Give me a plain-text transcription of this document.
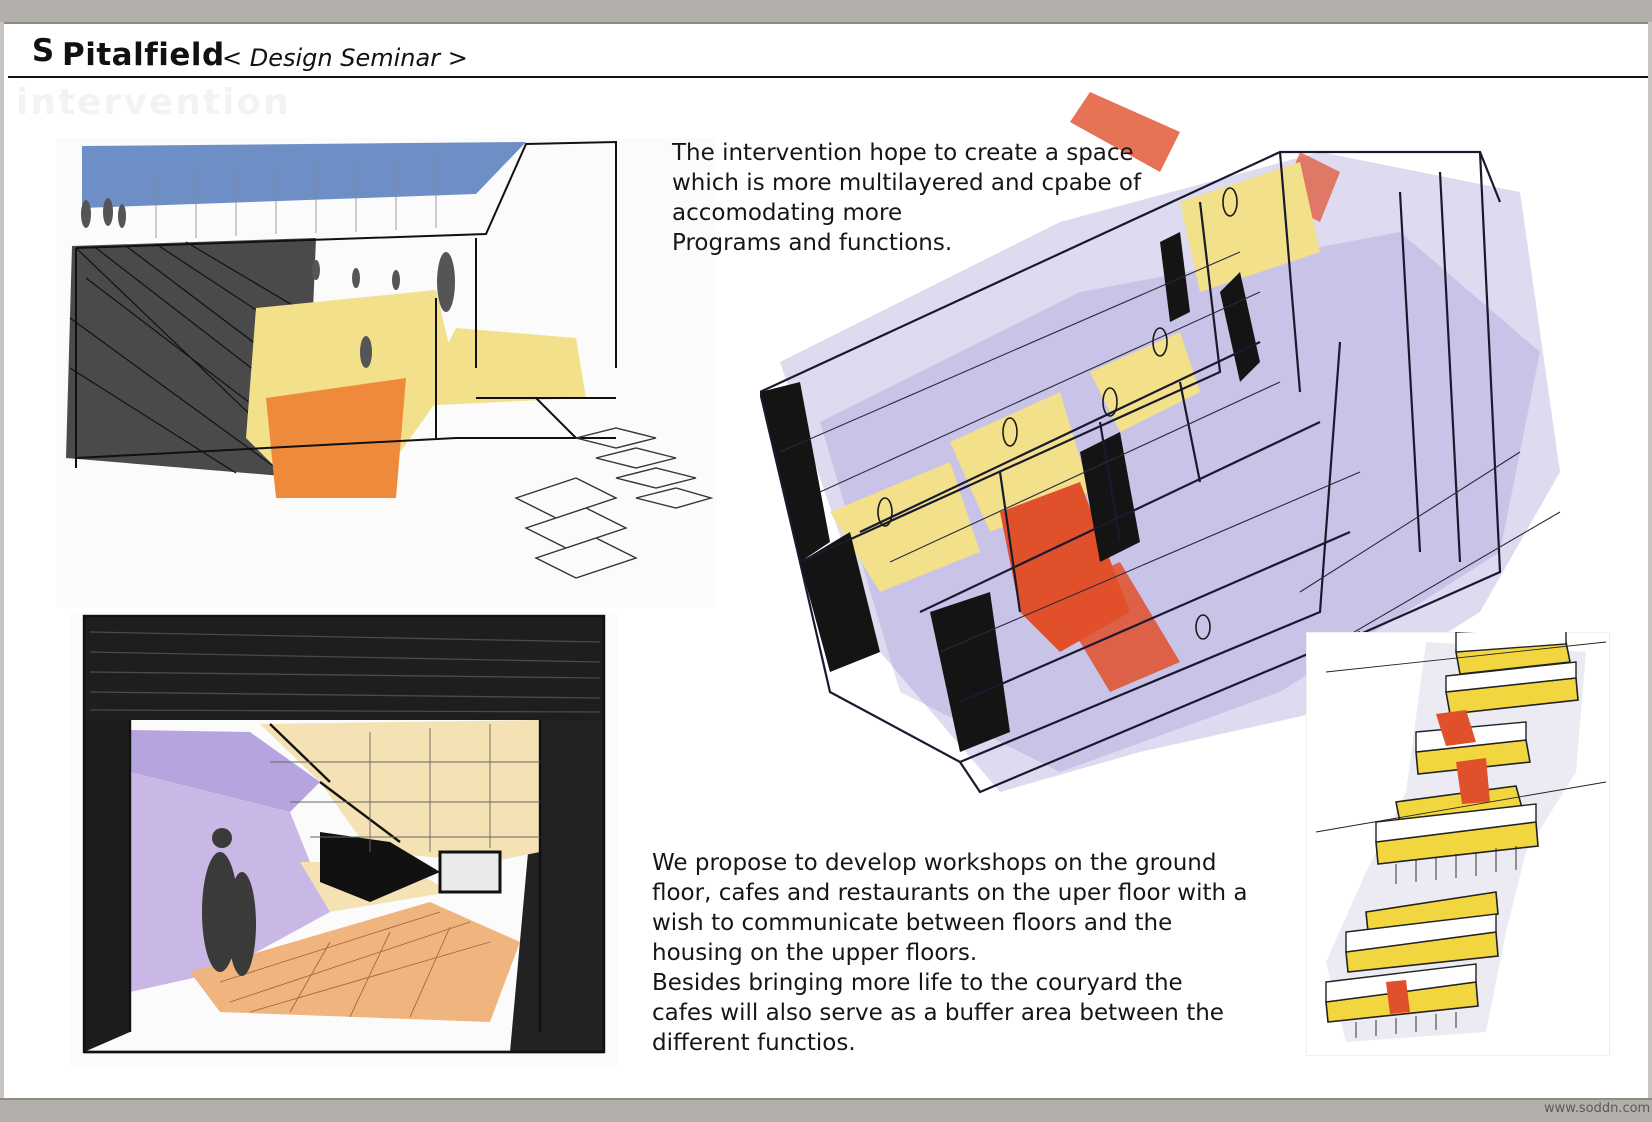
S Pitalfield
< Design Seminar >
intervention
The intervention hope to create a space
which is more multilayered and cpabe of
accomodating more
Programs and functions.
We propose to develop workshops on the ground
floor, cafes and restaurants on the uper floor with a
wish to communicate between floors and the
housing on the upper floors.
Besides bringing more life to the couryard the
cafes will also serve as a buffer area between the
different functios.
www.soddn.com
